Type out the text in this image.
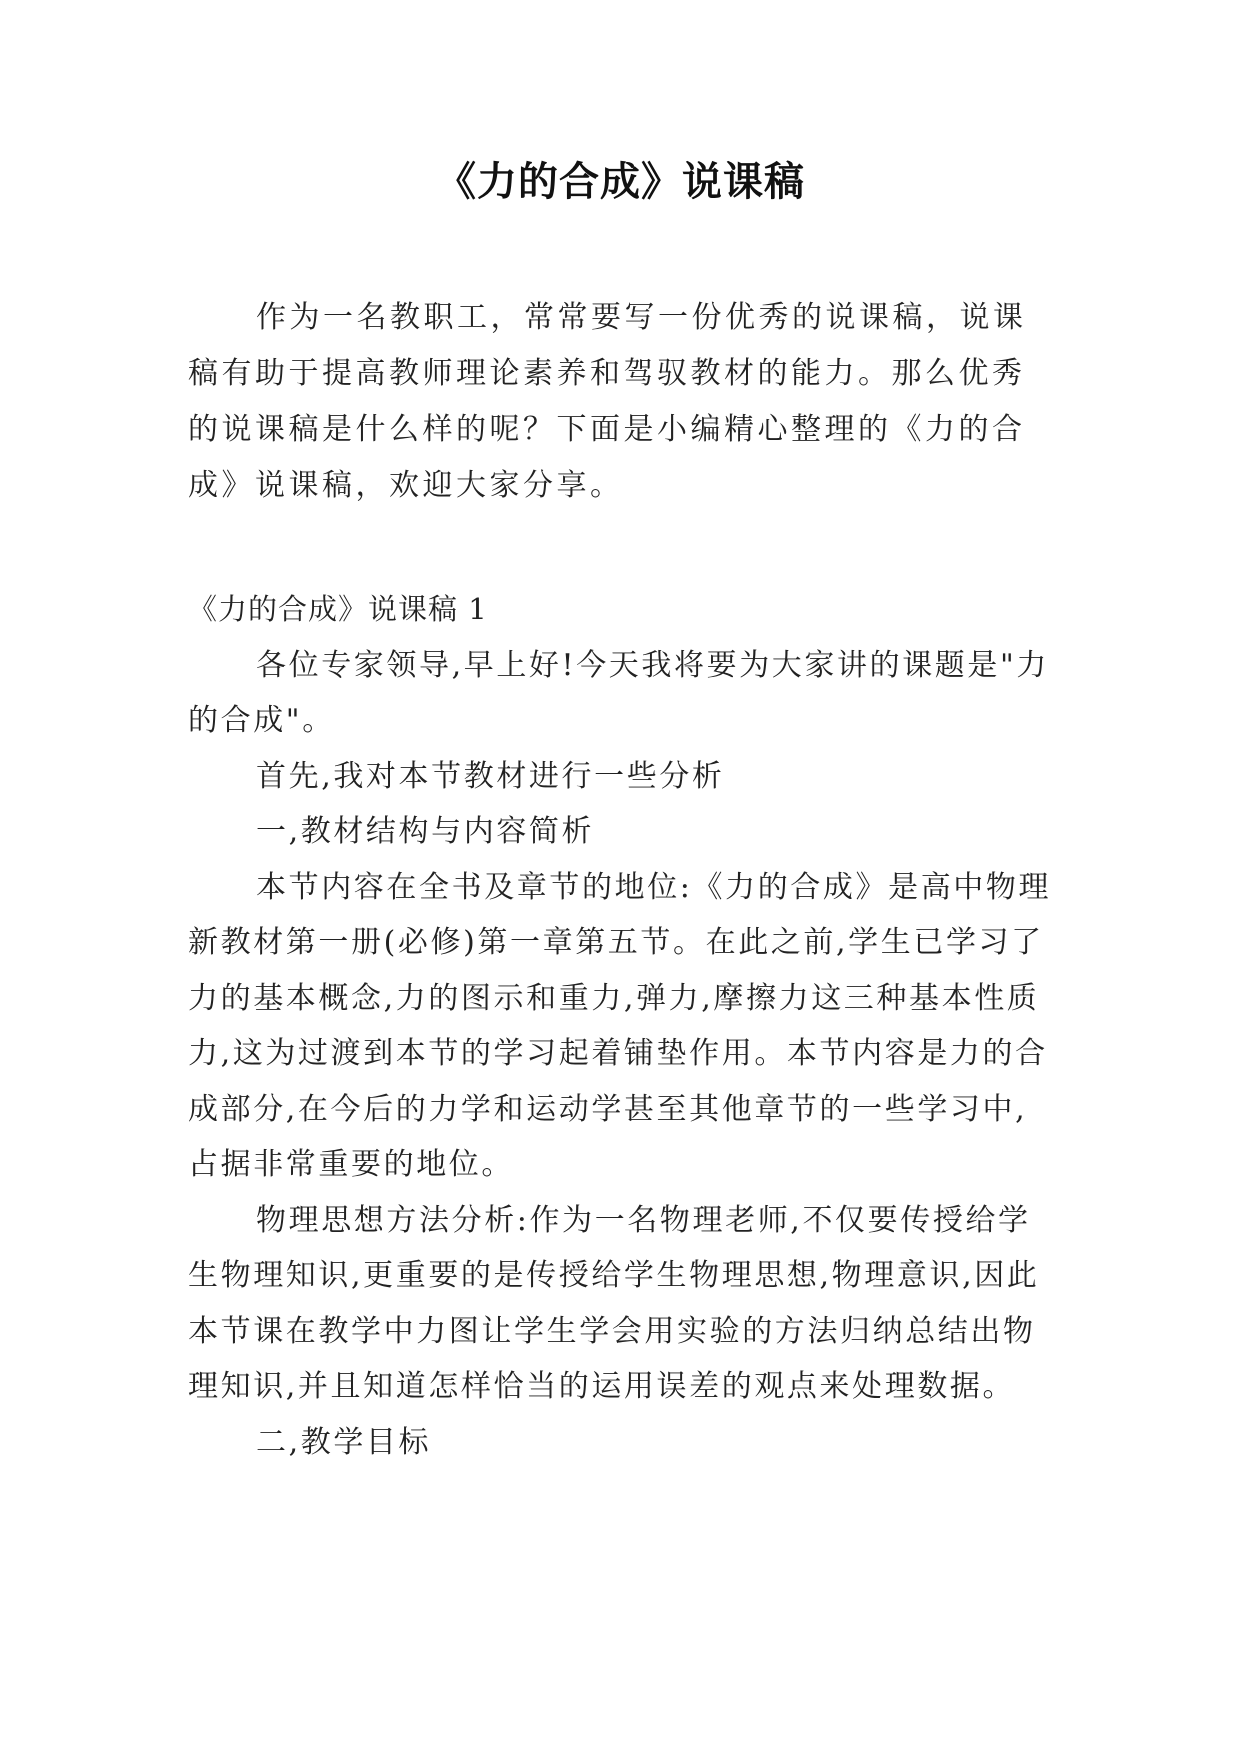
《力的合成》说课稿

作为一名教职工，常常要写一份优秀的说课稿，说课稿有助于提高教师理论素养和驾驭教材的能力。那么优秀的说课稿是什么样的呢？下面是小编精心整理的《力的合成》说课稿，欢迎大家分享。

《力的合成》说课稿 1

各位专家领导,早上好!今天我将要为大家讲的课题是"力的合成"。

首先,我对本节教材进行一些分析

一,教材结构与内容简析

本节内容在全书及章节的地位:《力的合成》是高中物理新教材第一册(必修)第一章第五节。在此之前,学生已学习了力的基本概念,力的图示和重力,弹力,摩擦力这三种基本性质力,这为过渡到本节的学习起着铺垫作用。本节内容是力的合成部分,在今后的力学和运动学甚至其他章节的一些学习中,占据非常重要的地位。

物理思想方法分析:作为一名物理老师,不仅要传授给学生物理知识,更重要的是传授给学生物理思想,物理意识,因此本节课在教学中力图让学生学会用实验的方法归纳总结出物理知识,并且知道怎样恰当的运用误差的观点来处理数据。

二,教学目标
